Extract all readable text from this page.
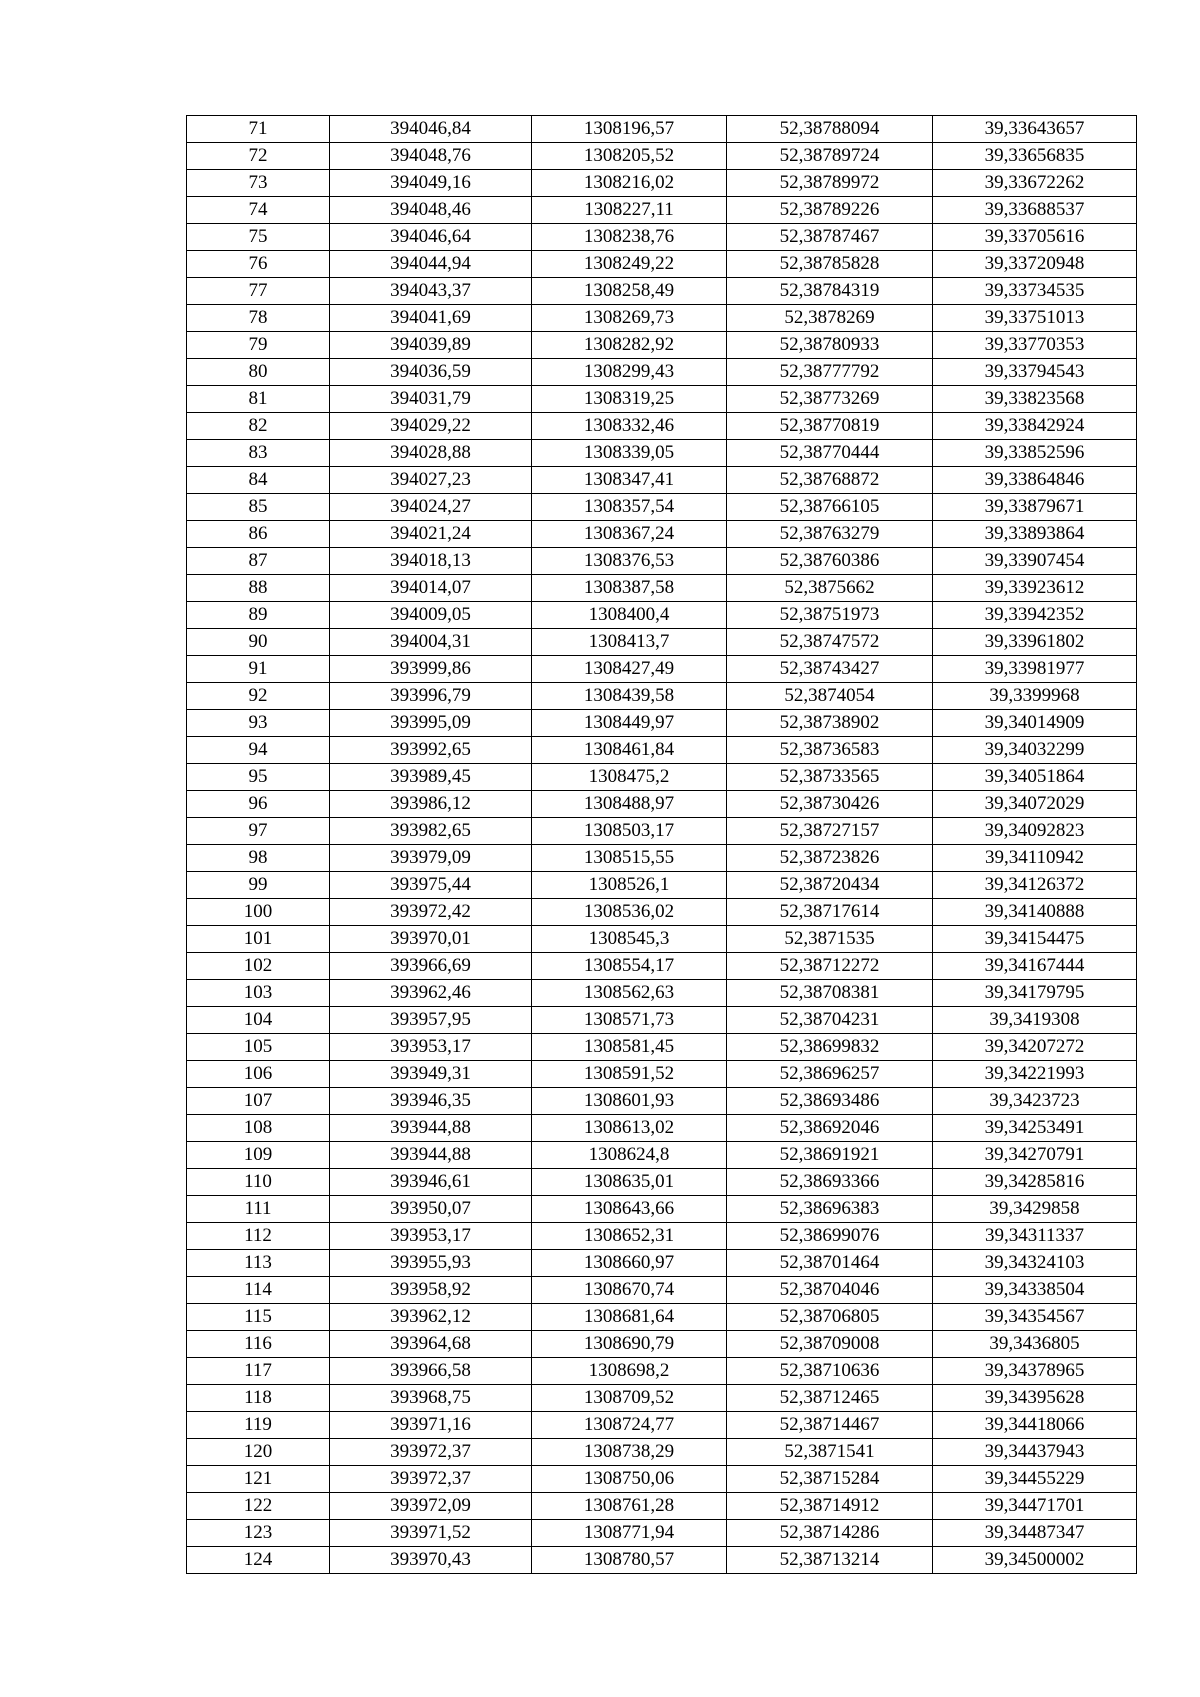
71	394046,84	1308196,57	52,38788094	39,33643657
72	394048,76	1308205,52	52,38789724	39,33656835
73	394049,16	1308216,02	52,38789972	39,33672262
74	394048,46	1308227,11	52,38789226	39,33688537
75	394046,64	1308238,76	52,38787467	39,33705616
76	394044,94	1308249,22	52,38785828	39,33720948
77	394043,37	1308258,49	52,38784319	39,33734535
78	394041,69	1308269,73	52,3878269	39,33751013
79	394039,89	1308282,92	52,38780933	39,33770353
80	394036,59	1308299,43	52,38777792	39,33794543
81	394031,79	1308319,25	52,38773269	39,33823568
82	394029,22	1308332,46	52,38770819	39,33842924
83	394028,88	1308339,05	52,38770444	39,33852596
84	394027,23	1308347,41	52,38768872	39,33864846
85	394024,27	1308357,54	52,38766105	39,33879671
86	394021,24	1308367,24	52,38763279	39,33893864
87	394018,13	1308376,53	52,38760386	39,33907454
88	394014,07	1308387,58	52,3875662	39,33923612
89	394009,05	1308400,4	52,38751973	39,33942352
90	394004,31	1308413,7	52,38747572	39,33961802
91	393999,86	1308427,49	52,38743427	39,33981977
92	393996,79	1308439,58	52,3874054	39,3399968
93	393995,09	1308449,97	52,38738902	39,34014909
94	393992,65	1308461,84	52,38736583	39,34032299
95	393989,45	1308475,2	52,38733565	39,34051864
96	393986,12	1308488,97	52,38730426	39,34072029
97	393982,65	1308503,17	52,38727157	39,34092823
98	393979,09	1308515,55	52,38723826	39,34110942
99	393975,44	1308526,1	52,38720434	39,34126372
100	393972,42	1308536,02	52,38717614	39,34140888
101	393970,01	1308545,3	52,3871535	39,34154475
102	393966,69	1308554,17	52,38712272	39,34167444
103	393962,46	1308562,63	52,38708381	39,34179795
104	393957,95	1308571,73	52,38704231	39,3419308
105	393953,17	1308581,45	52,38699832	39,34207272
106	393949,31	1308591,52	52,38696257	39,34221993
107	393946,35	1308601,93	52,38693486	39,3423723
108	393944,88	1308613,02	52,38692046	39,34253491
109	393944,88	1308624,8	52,38691921	39,34270791
110	393946,61	1308635,01	52,38693366	39,34285816
111	393950,07	1308643,66	52,38696383	39,3429858
112	393953,17	1308652,31	52,38699076	39,34311337
113	393955,93	1308660,97	52,38701464	39,34324103
114	393958,92	1308670,74	52,38704046	39,34338504
115	393962,12	1308681,64	52,38706805	39,34354567
116	393964,68	1308690,79	52,38709008	39,3436805
117	393966,58	1308698,2	52,38710636	39,34378965
118	393968,75	1308709,52	52,38712465	39,34395628
119	393971,16	1308724,77	52,38714467	39,34418066
120	393972,37	1308738,29	52,3871541	39,34437943
121	393972,37	1308750,06	52,38715284	39,34455229
122	393972,09	1308761,28	52,38714912	39,34471701
123	393971,52	1308771,94	52,38714286	39,34487347
124	393970,43	1308780,57	52,38713214	39,34500002
